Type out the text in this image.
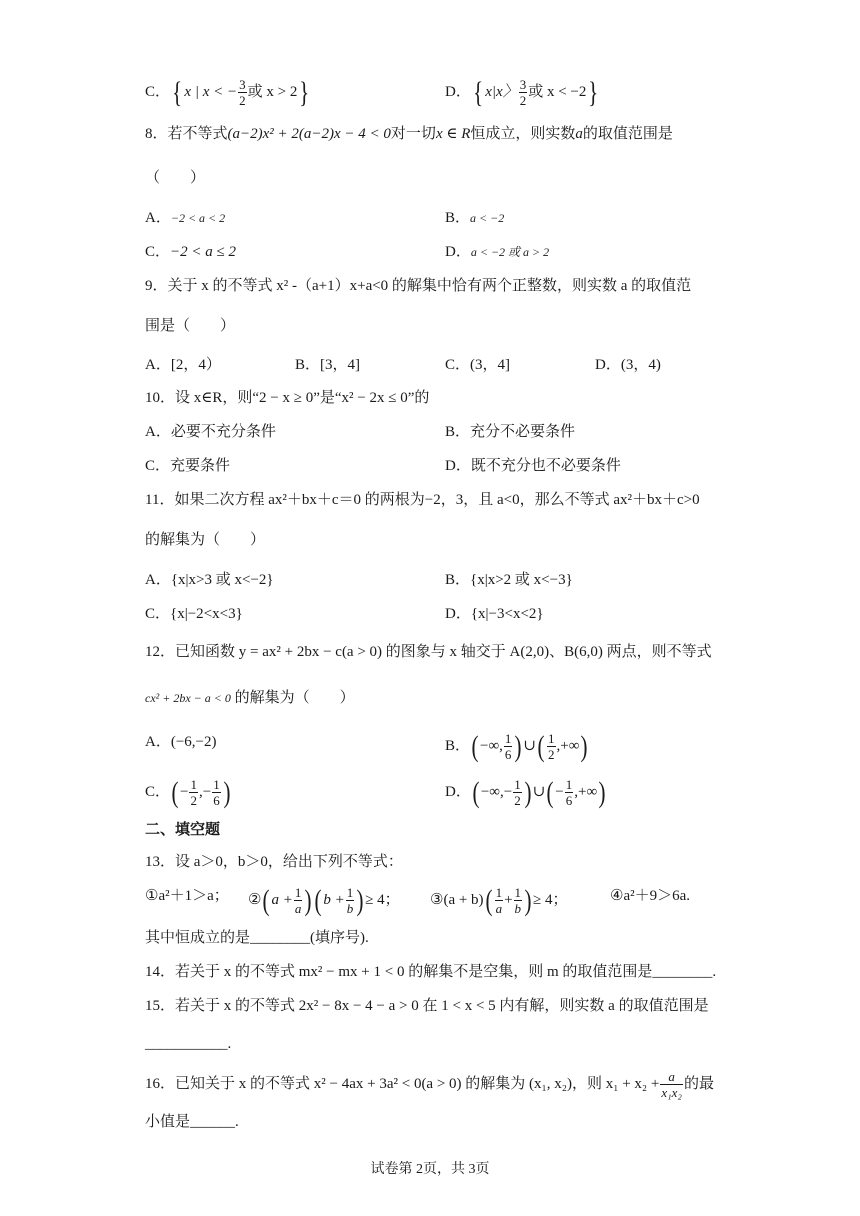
C．{ x | x < − $\frac{3}{2}$ 或 x > 2}	D．{ x|x〉 $\frac{3}{2}$ 或 x < −2}
8．若不等式(a−2)x² + 2(a−2)x − 4 < 0对一切x ∈ R恒成立，则实数a的取值范围是
（　　）
A．−2 < a < 2	B．a < −2
C．−2 < a ≤ 2	D．a < −2 或 a > 2
9．关于 x 的不等式 x² -（a+1）x+a<0 的解集中恰有两个正整数，则实数 a 的取值范
围是（　　）
A．[2，4）	B．[3，4]	C．(3，4]	D．(3，4)
10．设 x∈R，则“2 − x ≥ 0”是“x² − 2x ≤ 0”的
A．必要不充分条件	B．充分不必要条件
C．充要条件	D．既不充分也不必要条件
11．如果二次方程 ax²＋bx＋c＝0 的两根为−2，3，且 a<0，那么不等式 ax²＋bx＋c>0
的解集为（　　）
A．{x|x>3 或 x<−2}	B．{x|x>2 或 x<−3}
C．{x|−2<x<3}	D．{x|−3<x<2}
12．已知函数 y = ax² + 2bx − c(a > 0) 的图象与 x 轴交于 A(2,0)、B(6,0) 两点，则不等式
cx² + 2bx − a < 0 的解集为（　　）
A．(−6,−2)	B．( −∞, $\frac{1}{6}$ ) ∪( $\frac{1}{2}$ ,+∞)
C．( − $\frac{1}{2}$ ,− $\frac{1}{6}$ )	D．( −∞,− $\frac{1}{2}$ ) ∪( − $\frac{1}{6}$ ,+∞)
二、填空题
13．设 a＞0，b＞0，给出下列不等式：
①a²＋1＞a； ②( $a + \frac{1}{a}$ ) ( $b + \frac{1}{b}$ ) ≥ 4； ③(a + $b)( \frac{1}{a} + \frac{1}{b}$ ) ≥ 4；	④a²＋9＞6a.
其中恒成立的是________(填序号).
14．若关于 x 的不等式 mx² − mx + 1 < 0 的解集不是空集，则 m 的取值范围是________.
15．若关于 x 的不等式 2x² − 8x − 4 − a > 0 在 1 < x < 5 内有解，则实数 a 的取值范围是
___________.
16．已知关于 x 的不等式 x² − 4ax + 3a² < 0(a > 0) 的解集为 (x₁, x₂)，则 $x_1 + x_2 + \frac{a}{\text{x₁x₂}}$ 的最
小值是______.
试卷第 2页，共 3页
